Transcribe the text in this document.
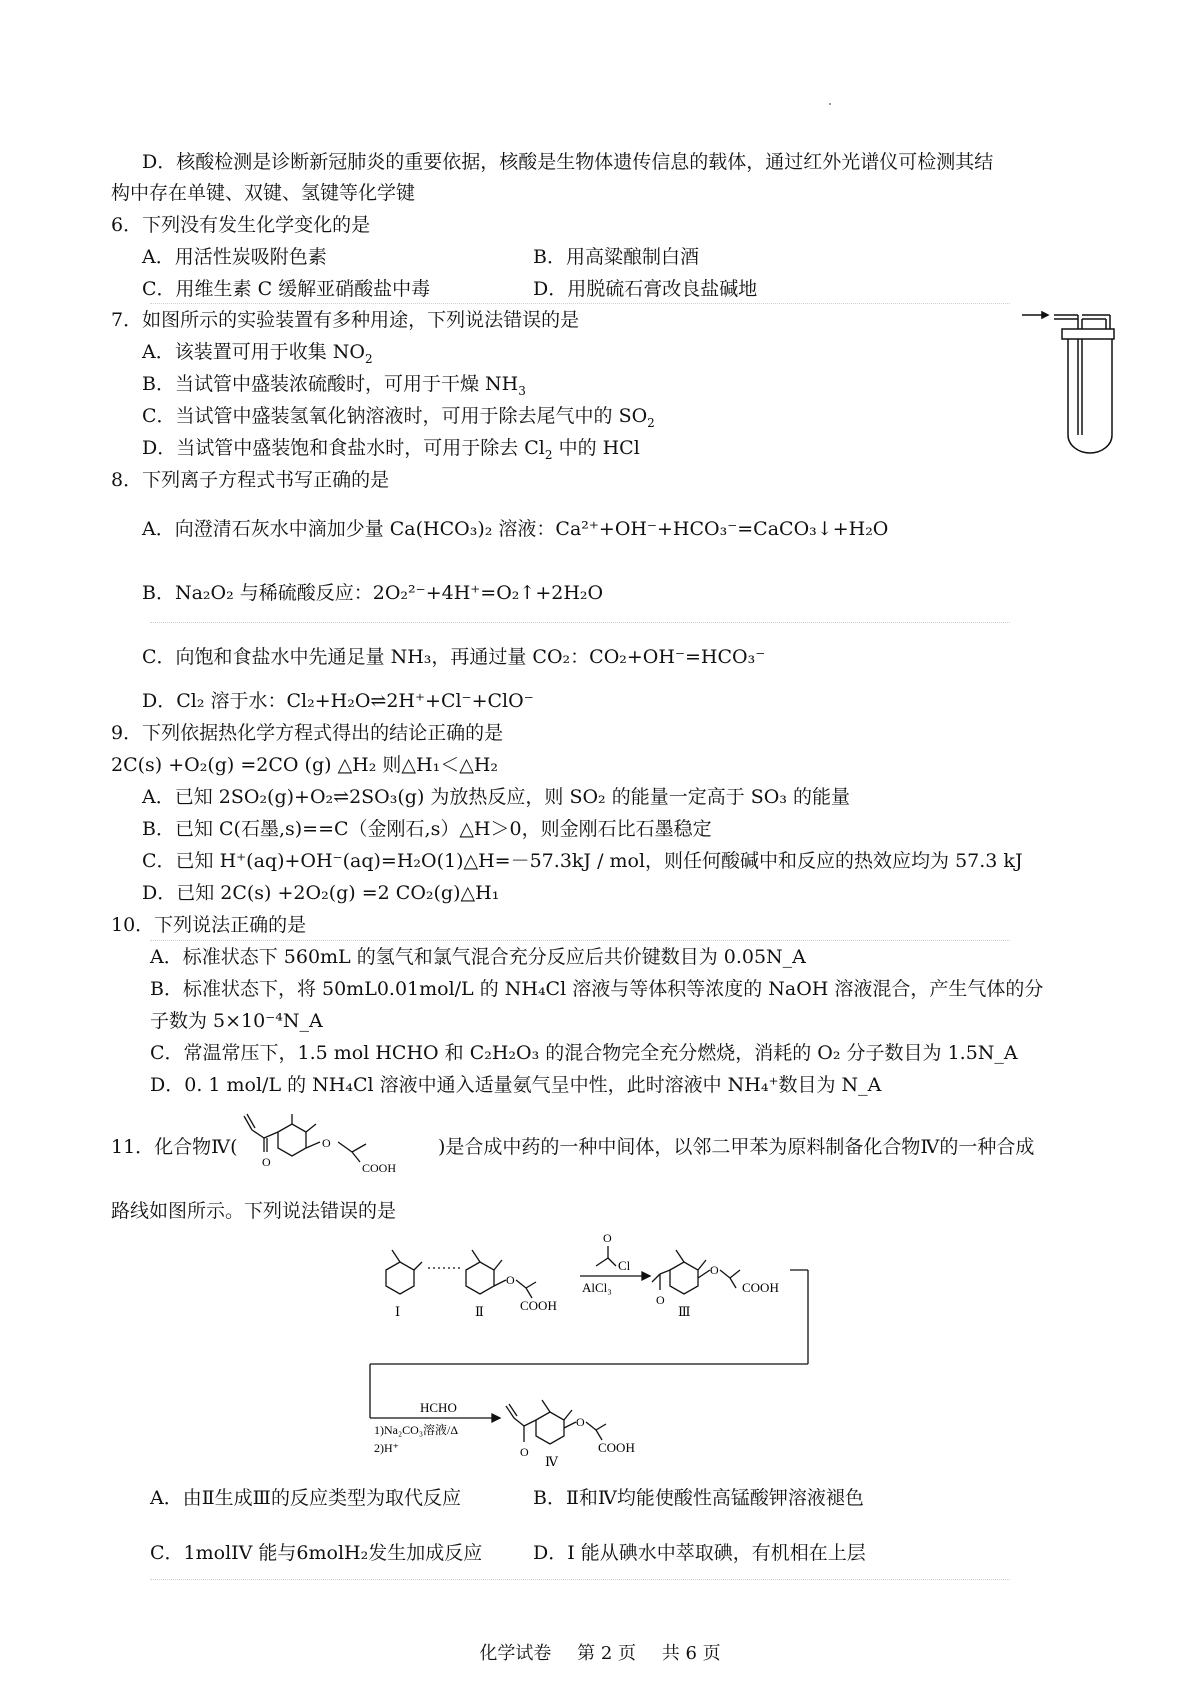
D．核酸检测是诊断新冠肺炎的重要依据，核酸是生物体遗传信息的载体，通过红外光谱仪可检测其结
构中存在单键、双键、氢键等化学键
6．下列没有发生化学变化的是
A．用活性炭吸附色素	B．用高粱酿制白酒
C．用维生素 C 缓解亚硝酸盐中毒	D．用脱硫石膏改良盐碱地
7．如图所示的实验装置有多种用途，下列说法错误的是
A．该装置可用于收集 $NO_2$
B．当试管中盛装浓硫酸时，可用于干燥 $NH_3$
C．当试管中盛装氢氧化钠溶液时，可用于除去尾气中的 $SO_2$
D．当试管中盛装饱和食盐水时，可用于除去 $Cl_2$ 中的 HCl
8．下列离子方程式书写正确的是
A．向澄清石灰水中滴加少量 Ca(HCO₃)₂ 溶液：Ca²⁺+OH⁻+HCO₃⁻=CaCO₃↓+H₂O
B．Na₂O₂ 与稀硫酸反应：2O₂²⁻+4H⁺=O₂↑+2H₂O
C．向饱和食盐水中先通足量 NH₃，再通过量 CO₂：CO₂+OH⁻=HCO₃⁻
D．Cl₂ 溶于水：Cl₂+H₂O⇌2H⁺+Cl⁻+ClO⁻
9．下列依据热化学方程式得出的结论正确的是
2C(s) +O₂(g) =2CO (g) △H₂ 则△H₁＜△H₂
A．已知 2SO₂(g)+O₂⇌2SO₃(g) 为放热反应，则 SO₂ 的能量一定高于 SO₃ 的能量
B．已知 C(石墨,s)==C（金刚石,s）△H＞0，则金刚石比石墨稳定
C．已知 H⁺(aq)+OH⁻(aq)=H₂O(1)△H=－57.3kJ / mol，则任何酸碱中和反应的热效应均为 57.3 kJ
D．已知 2C(s) +2O₂(g) =2 CO₂(g)△H₁
10．下列说法正确的是
A．标准状态下 560mL 的氢气和氯气混合充分反应后共价键数目为 0.05N_A
B．标准状态下，将 50mL0.01mol/L 的 NH₄Cl 溶液与等体积等浓度的 NaOH 溶液混合，产生气体的分
子数为 5×10⁻⁴N_A
C．常温常压下，1.5 mol HCHO 和 C₂H₂O₃ 的混合物完全充分燃烧，消耗的 O₂ 分子数目为 1.5N_A
D．0. 1 mol/L 的 NH₄Cl 溶液中通入适量氨气呈中性，此时溶液中 NH₄⁺数目为 N_A
11．化合物Ⅳ(
O
O
COOH
)是合成中药的一种中间体，以邻二甲苯为原料制备化合物Ⅳ的一种合成
路线如图所示。下列说法错误的是
Ⅰ	Ⅱ	Ⅲ
Ⅳ
O
COOH
O
Cl
AlCl₃
O
O
COOH
HCHO
1)Na₂CO₃溶液/Δ
2)H⁺	O
O
COOH
A．由Ⅱ生成Ⅲ的反应类型为取代反应	B．Ⅱ和Ⅳ均能使酸性高锰酸钾溶液褪色
C．1molIV 能与6molH₂发生加成反应	D．I 能从碘水中萃取碘，有机相在上层
化学试卷 第 2 页 共 6 页
